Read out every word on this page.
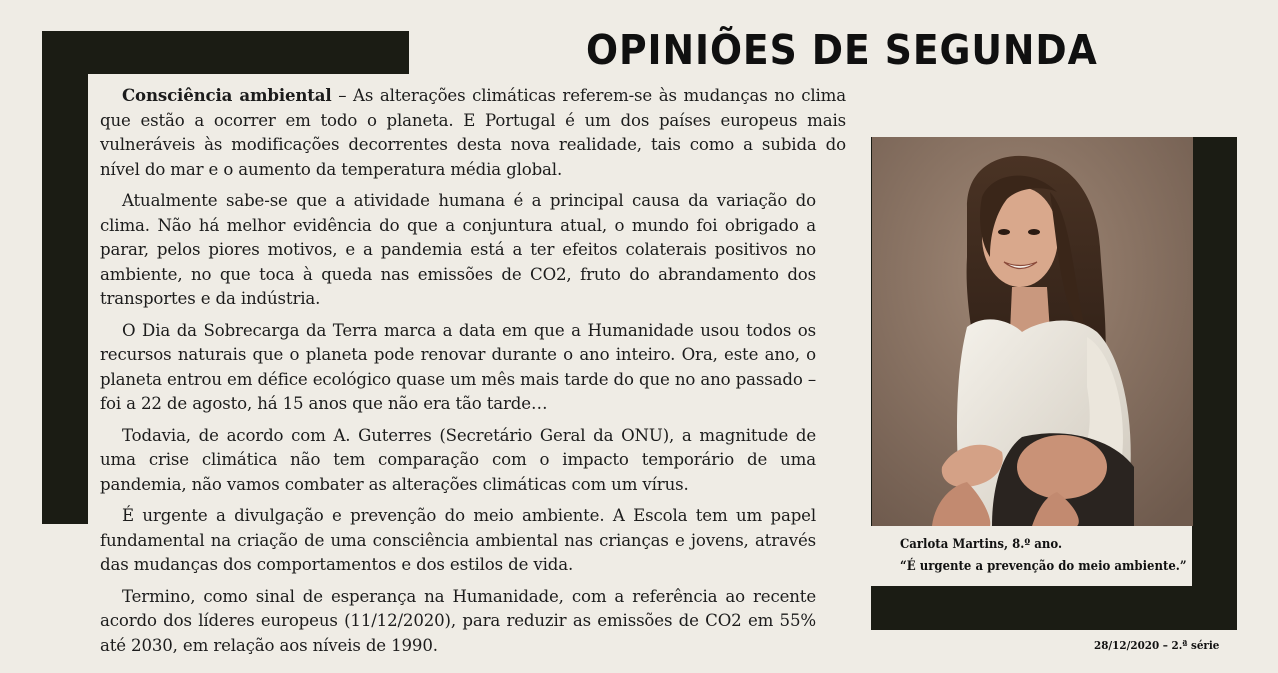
OPINIÕES DE SEGUNDA

Consciência ambiental – As alterações climáticas referem-se às mudanças no clima que estão a ocorrer em todo o planeta. E Portugal é um dos países europeus mais vulneráveis às modificações decorrentes desta nova realidade, tais como a subida do nível do mar e o aumento da temperatura média global.

Atualmente sabe-se que a atividade humana é a principal causa da variação do clima. Não há melhor evidência do que a conjuntura atual, o mundo foi obrigado a parar, pelos piores motivos, e a pandemia está a ter efeitos colaterais positivos no ambiente, no que toca à queda nas emissões de CO2, fruto do abrandamento dos transportes e da indústria.

O Dia da Sobrecarga da Terra marca a data em que a Humanidade usou todos os recursos naturais que o planeta pode renovar durante o ano inteiro. Ora, este ano, o planeta entrou em défice ecológico quase um mês mais tarde do que no ano passado – foi a 22 de agosto, há 15 anos que não era tão tarde…

Todavia, de acordo com A. Guterres (Secretário Geral da ONU), a magnitude de uma crise climática não tem comparação com o impacto temporário de uma pandemia, não vamos combater as alterações climáticas com um vírus.

É urgente a divulgação e prevenção do meio ambiente. A Escola tem um papel fundamental na criação de uma consciência ambiental nas crianças e jovens, através das mudanças dos comportamentos e dos estilos de vida.

Termino, como sinal de esperança na Humanidade, com a referência ao recente acordo dos líderes europeus (11/12/2020), para reduzir as emissões de CO2 em 55% até 2030, em relação aos níveis de 1990.

Carlota Martins, 8.º ano.
“É urgente a prevenção do meio ambiente.”
28/12/2020 – 2.ª série
